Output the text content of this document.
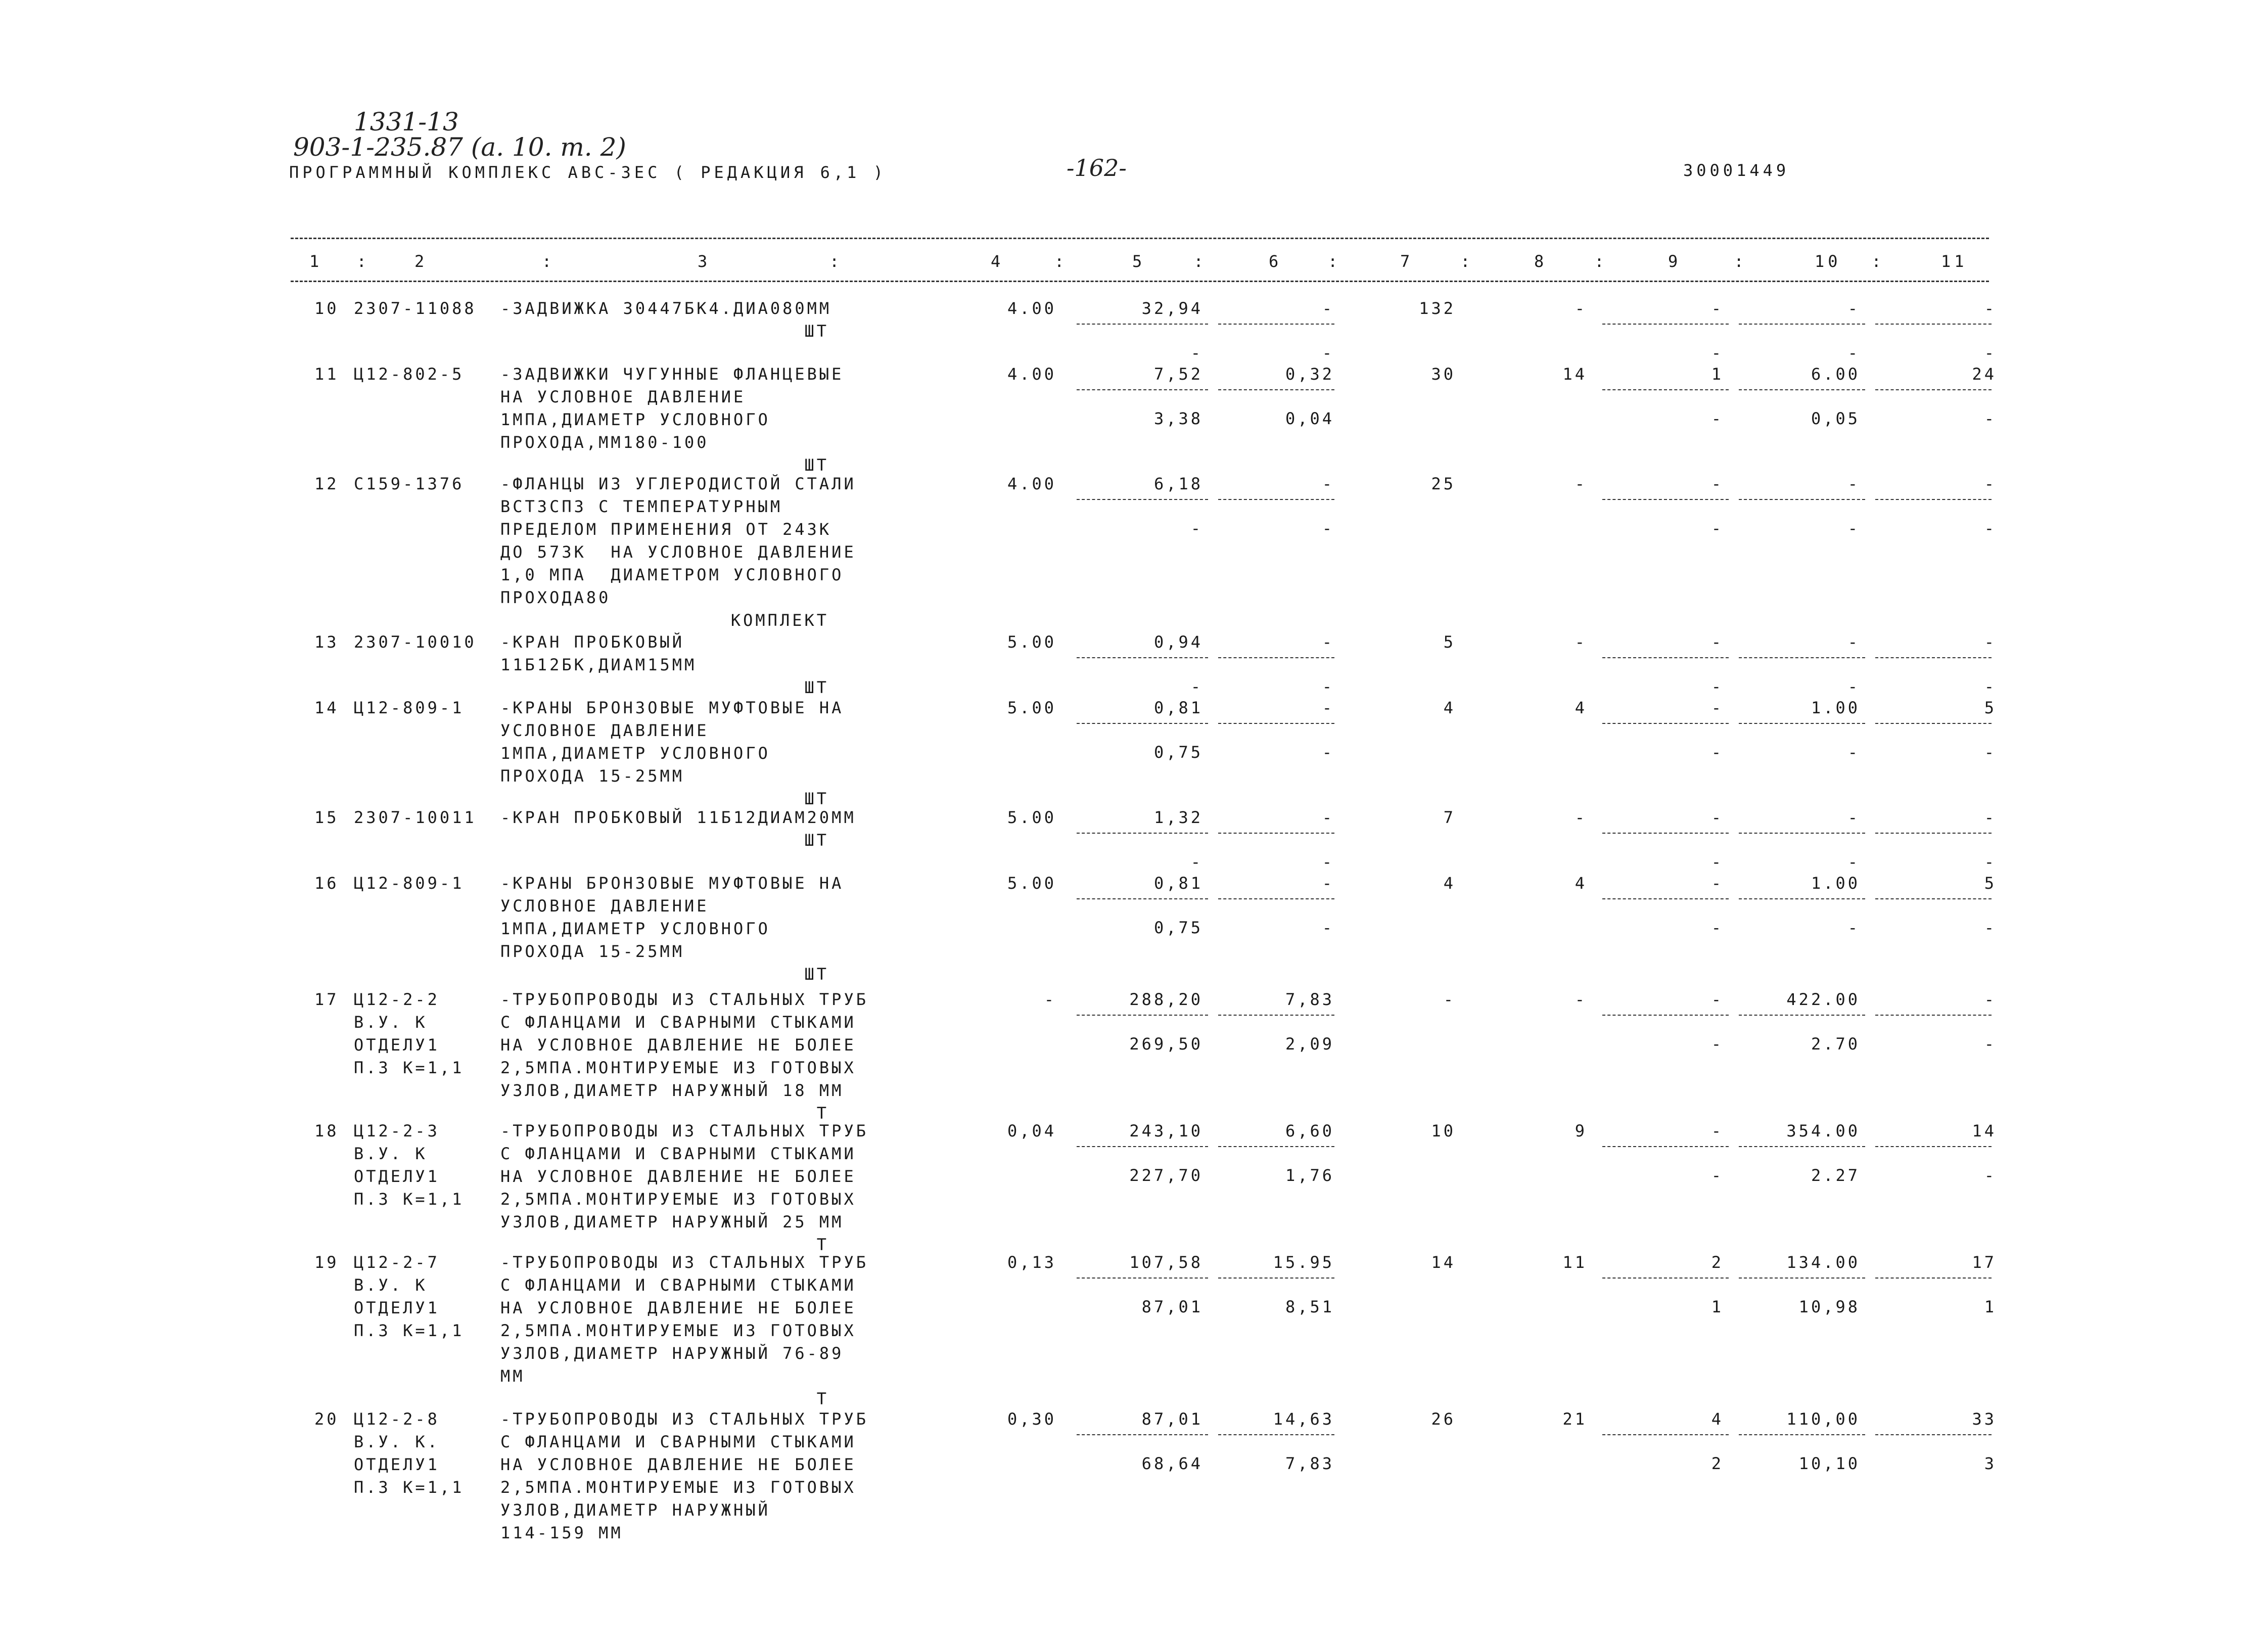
1331-13
903-1-235.87 (а. 10. т. 2)
ПРОГРАММНЫЙ КОМПЛЕКС АВС-3ЕС ( РЕДАКЦИЯ 6,1 )	-162-	30001449
1 :	2	:	3	:	4	:	5	:	6	:	7	:	8	:	9	:	10 :	11
10 2307-11088 -ЗАДВИЖКА 30447БК4.ДИА080ММ
ШТ
4.00	32,94	-	132	-	-	-	-
-	-	-	-	-
11 Ц12-802-5 -ЗАДВИЖКИ ЧУГУННЫЕ ФЛАНЦЕВЫЕ
НА УСЛОВНОЕ ДАВЛЕНИЕ
1МПА,ДИАМЕТР УСЛОВНОГО
ПРОХОДА,ММ180-100
ШТ
4.00	7,52	0,32	30	14	1	6.00	24
3,38	0,04	-	0,05	-
12 С159-1376 -ФЛАНЦЫ ИЗ УГЛЕРОДИСТОЙ СТАЛИ
ВСТ3СП3 С ТЕМПЕРАТУРНЫМ
ПРЕДЕЛОМ ПРИМЕНЕНИЯ ОТ 243К
ДО 573К  НА УСЛОВНОЕ ДАВЛЕНИЕ
1,0 МПА  ДИАМЕТРОМ УСЛОВНОГО
ПРОХОДА80
КОМПЛЕКТ
4.00	6,18	-	25	-	-	-	-
-	-	-	-	-
13 2307-10010 -КРАН ПРОБКОВЫЙ
11Б12БК,ДИАМ15ММ
ШТ
5.00	0,94	-	5	-	-	-	-
-	-	-	-	-
14 Ц12-809-1 -КРАНЫ БРОНЗОВЫЕ МУФТОВЫЕ НА
УСЛОВНОЕ ДАВЛЕНИЕ
1МПА,ДИАМЕТР УСЛОВНОГО
ПРОХОДА 15-25ММ
ШТ
5.00	0,81	-	4	4	-	1.00	5
0,75	-	-	-	-
15 2307-10011 -КРАН ПРОБКОВЫЙ 11Б12ДИАМ20ММ
ШТ
5.00	1,32	-	7	-	-	-	-
-	-	-	-	-
16 Ц12-809-1 -КРАНЫ БРОНЗОВЫЕ МУФТОВЫЕ НА
УСЛОВНОЕ ДАВЛЕНИЕ
1МПА,ДИАМЕТР УСЛОВНОГО
ПРОХОДА 15-25ММ
ШТ
5.00	0,81	-	4	4	-	1.00	5
0,75	-	-	-	-
17 Ц12-2-2
В.У. К
ОТДЕЛУ1
П.3 К=1,1
-ТРУБОПРОВОДЫ ИЗ СТАЛЬНЫХ ТРУБ
С ФЛАНЦАМИ И СВАРНЫМИ СТЫКАМИ
НА УСЛОВНОЕ ДАВЛЕНИЕ НЕ БОЛЕЕ
2,5МПА.МОНТИРУЕМЫЕ ИЗ ГОТОВЫХ
УЗЛОВ,ДИАМЕТР НАРУЖНЫЙ 18 ММ
Т
-	288,20	7,83	-	-	-	422.00	-
269,50	2,09	-	2.70	-
18 Ц12-2-3
В.У. К
ОТДЕЛУ1
П.3 К=1,1
-ТРУБОПРОВОДЫ ИЗ СТАЛЬНЫХ ТРУБ
С ФЛАНЦАМИ И СВАРНЫМИ СТЫКАМИ
НА УСЛОВНОЕ ДАВЛЕНИЕ НЕ БОЛЕЕ
2,5МПА.МОНТИРУЕМЫЕ ИЗ ГОТОВЫХ
УЗЛОВ,ДИАМЕТР НАРУЖНЫЙ 25 ММ
Т
0,04	243,10	6,60	10	9	-	354.00	14
227,70	1,76	-	2.27	-
19 Ц12-2-7
В.У. К
ОТДЕЛУ1
П.3 К=1,1
-ТРУБОПРОВОДЫ ИЗ СТАЛЬНЫХ ТРУБ
С ФЛАНЦАМИ И СВАРНЫМИ СТЫКАМИ
НА УСЛОВНОЕ ДАВЛЕНИЕ НЕ БОЛЕЕ
2,5МПА.МОНТИРУЕМЫЕ ИЗ ГОТОВЫХ
УЗЛОВ,ДИАМЕТР НАРУЖНЫЙ 76-89
ММ
Т
0,13	107,58	15.95	14	11	2	134.00	17
87,01	8,51	1	10,98	1
20 Ц12-2-8
В.У. К.
ОТДЕЛУ1
П.3 К=1,1
-ТРУБОПРОВОДЫ ИЗ СТАЛЬНЫХ ТРУБ
С ФЛАНЦАМИ И СВАРНЫМИ СТЫКАМИ
НА УСЛОВНОЕ ДАВЛЕНИЕ НЕ БОЛЕЕ
2,5МПА.МОНТИРУЕМЫЕ ИЗ ГОТОВЫХ
УЗЛОВ,ДИАМЕТР НАРУЖНЫЙ
114-159 ММ
0,30	87,01	14,63	26	21	4	110,00	33
68,64	7,83	2	10,10	3
